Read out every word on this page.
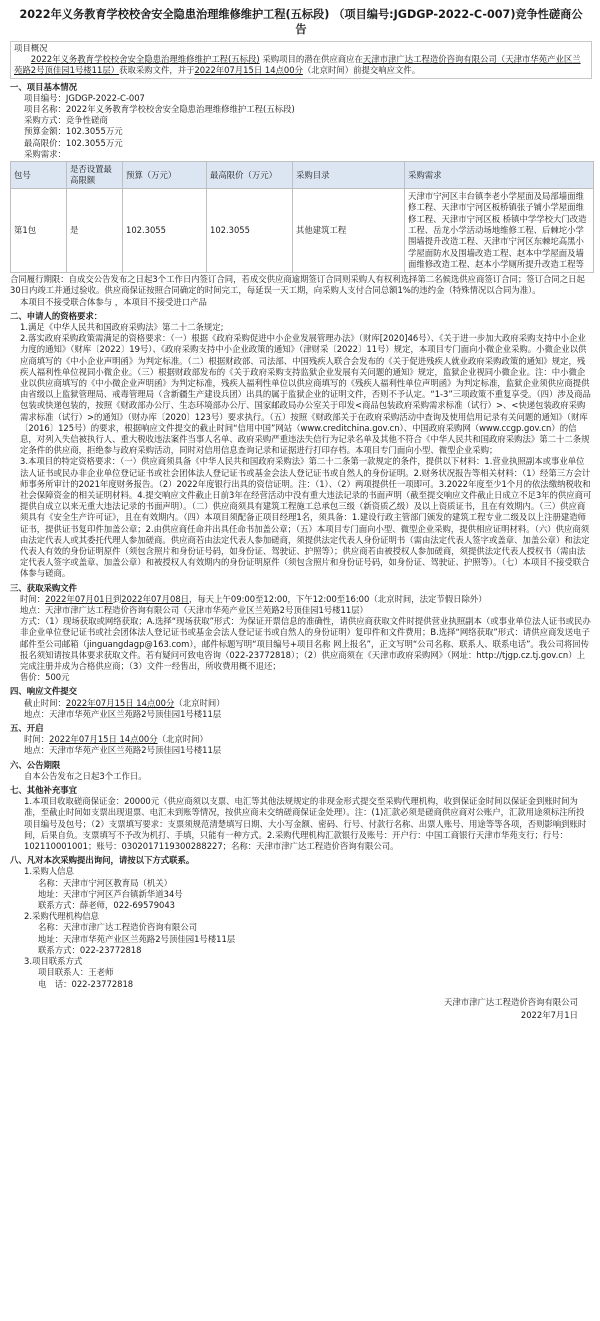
2022年义务教育学校校舍安全隐患治理维修维护工程(五标段) （项目编号:JGDGP-2022-C-007)竞争性磋商公告
项目概况
2022年义务教育学校校舍安全隐患治理维修维护工程(五标段) 采购项目的潜在供应商应在天津市津广达工程造价咨询有限公司（天津市华苑产业区兰苑路2号顶佳园1号楼11层）获取采购文件，并于2022年07月15日 14点00分（北京时间）前提交响应文件。
一、项目基本情况
项目编号：JGDGP-2022-C-007
项目名称：2022年义务教育学校校舍安全隐患治理维修维护工程(五标段)
采购方式：竞争性磋商
预算金额：102.3055万元
最高限价：102.3055万元
采购需求：
包号	是否设置最高限额	预算（万元）	最高限价（万元）	采购目录	采购需求
第1包	是	102.3055	102.3055	其他建筑工程	天津市宁河区丰台镇李老小学屋面及局部墙面维修工程、天津市宁河区板桥镇张子铺小学屋面维修工程、天津市宁河区板 桥镇中学学校大门改造工程、岳龙小学活动场地维修工程、后棘坨小学围墙提升改造工程、天津市宁河区东棘坨高黑小学屋面防水及围墙改造工程、赵本中学屋面及墙面维修改造工程、赵本小学厕所提升改造工程等
合同履行期限：自成交公告发布之日起3个工作日内签订合同，若成交供应商逾期签订合同则采购人有权利选择第二名候选供应商签订合同；签订合同之日起30日内竣工并通过验收。供应商保证按照合同确定的时间完工，每延误一天工期，向采购人支付合同总额1%的违约金（特殊情况以合同为准）。
本项目不接受联合体参与 ，本项目不接受进口产品
二、申请人的资格要求：
1.满足《中华人民共和国政府采购法》第二十二条规定;
2.落实政府采购政策需满足的资格要求：（一）根据《政府采购促进中小企业发展管理办法》（财库[2020]46号）、《关于进一步加大政府采购支持中小企业力度的通知》（财库〔2022〕19号）、《政府采购支持中小企业政策的通知》（津财采〔2022〕11号）规定，本项目专门面向小微企业采购。小微企业以供应商填写的《中小企业声明函》为判定标准。（二）根据财政部、司法部、中国残疾人联合会发布的《关于促进残疾人就业政府采购政策的通知》规定，残疾人福利性单位视同小微企业。（三）根据财政部发布的《关于政府采购支持监狱企业发展有关问题的通知》规定，监狱企业视同小微企业。注：中小微企业以供应商填写的《中小微企业声明函》为判定标准，残疾人福利性单位以供应商填写的《残疾人福利性单位声明函》为判定标准，监狱企业须供应商提供由省级以上监狱管理局、戒毒管理局（含新疆生产建设兵团）出具的属于监狱企业的证明文件，否则不予认定。“1-3”三项政策不重复享受。（四）涉及商品包装或快递包装的，按照《财政部办公厅、生态环境部办公厅、国家邮政局办公室关于印发<商品包装政府采购需求标准（试行）>、<快递包装政府采购需求标准（试行）>的通知》（财办库〔2020〕123号）要求执行。（五）按照《财政部关于在政府采购活动中查询及使用信用记录有关问题的通知》（财库〔2016〕125号）的要求，根据响应文件提交的截止时间“信用中国”网站（www.creditchina.gov.cn）、中国政府采购网（www.ccgp.gov.cn）的信息，对列入失信被执行人、重大税收违法案件当事人名单、政府采购严重违法失信行为记录名单及其他不符合《中华人民共和国政府采购法》第二十二条规定条件的供应商，拒绝参与政府采购活动，同时对信用信息查询记录和证据进行打印存档。本项目专门面向小型、微型企业采购；
3.本项目的特定资格要求：（一）供应商须具备《中华人民共和国政府采购法》第二十二条第一款规定的条件，提供以下材料：1.营业执照副本或事业单位法人证书或民办非企业单位登记证书或社会团体法人登记证书或基金会法人登记证书或自然人的身份证明。2.财务状况报告等相关材料：（1）经第三方会计师事务所审计的2021年度财务报告。（2）2022年度银行出具的资信证明。注：（1）、（2）两项提供任一项即可。3.2022年度至少1个月的依法缴纳税收和社会保障资金的相关证明材料。4.提交响应文件截止日前3年在经营活动中没有重大违法记录的书面声明（截至提交响应文件截止日成立不足3年的供应商可提供自成立以来无重大违法记录的书面声明）。（二）供应商须具有建筑工程施工总承包三级（新资质乙级）及以上资质证书，且在有效期内。（三）供应商须具有《安全生产许可证》，且在有效期内。（四）本项目须配备正项目经理1名，须具备：1.建设行政主管部门颁发的建筑工程专业二级及以上注册建造师证书，提供证书复印件加盖公章；2.由供应商任命并出具任命书加盖公章；（五）本项目专门面向小型、微型企业采购，提供相应证明材料。（六）供应商须由法定代表人或其委托代理人参加磋商。供应商若由法定代表人参加磋商，须提供法定代表人身份证明书（需由法定代表人签字或盖章、加盖公章）和法定代表人有效的身份证明原件（须包含照片和身份证号码，如身份证、驾驶证、护照等）；供应商若由被授权人参加磋商，须提供法定代表人授权书（需由法定代表人签字或盖章、加盖公章）和被授权人有效期内的身份证明原件（须包含照片和身份证号码，如身份证、驾驶证、护照等）。（七）本项目不接受联合体参与磋商。
三、获取采购文件
时间：2022年07月01日到2022年07月08日，每天上午09:00至12:00，下午12:00至16:00（北京时间，法定节假日除外）
地点：天津市津广达工程造价咨询有限公司（天津市华苑产业区兰苑路2号顶佳园1号楼11层）
方式：（1）现场获取或网络获取；A.选择“现场获取”形式：为保证开票信息的准确性，请供应商获取文件时提供营业执照副本（或事业单位法人证书或民办非企业单位登记证书或社会团体法人登记证书或基金会法人登记证书或自然人的身份证明）复印件和文件费用；B.选择“网络获取”形式：请供应商发送电子邮件至公司邮箱（jinguangdagp@163.com），邮件标题写明“项目编号+项目名称 网上报名”，正文写明“公司名称、联系人、联系电话”。我公司将回传报名须知请按具体要求获取文件。若有疑问可致电咨询（022-23772818）；（2）供应商须在《天津市政府采购网》（网址：http://tjgp.cz.tj.gov.cn）上完成注册并成为合格供应商；（3）文件一经售出，所收费用概不退还；
售价：500元
四、响应文件提交
截止时间：2022年07月15日 14点00分（北京时间）
地点：天津市华苑产业区兰苑路2号顶佳园1号楼11层
五、开启
时间：2022年07月15日 14点00分（北京时间）
地点：天津市华苑产业区兰苑路2号顶佳园1号楼11层
六、公告期限
自本公告发布之日起3个工作日。
七、其他补充事宜
1.本项目收取磋商保证金：20000元（供应商须以支票、电汇等其他法规规定的非现金形式提交至采购代理机构，收到保证金时间以保证金到账时间为准，至截止时间如支票出现退票、电汇未到账等情况，按供应商未交纳磋商保证金处理）。注：(1)汇款必须是磋商供应商对公账户，汇款用途须标注所投项目编号及包号；（2）支票填写要求：支票须规范清楚填写日期、大小写金额、密码、行号、付款行名称、出票人账号、用途等等各项，否则影响到账时间，后果自负。支票填写不予改为机打、手填，只能有一种方式。2.采购代理机构汇款银行及账号：开户行：中国工商银行天津市华苑支行；行号：102110001001；账号：0302017119300288227；名称：天津市津广达工程造价咨询有限公司。
八、凡对本次采购提出询问，请按以下方式联系。
1.采购人信息
名称：天津市宁河区教育局（机关）
地址：天津市宁河区芦台镇新华道34号
联系方式：薛老师，022-69579043
2.采购代理机构信息
名称：天津市津广达工程造价咨询有限公司
地址：天津市华苑产业区兰苑路2号顶佳园1号楼11层
联系方式：022-23772818
3.项目联系方式
项目联系人：王老师
电　话：022-23772818
天津市津广达工程造价咨询有限公司
2022年7月1日
